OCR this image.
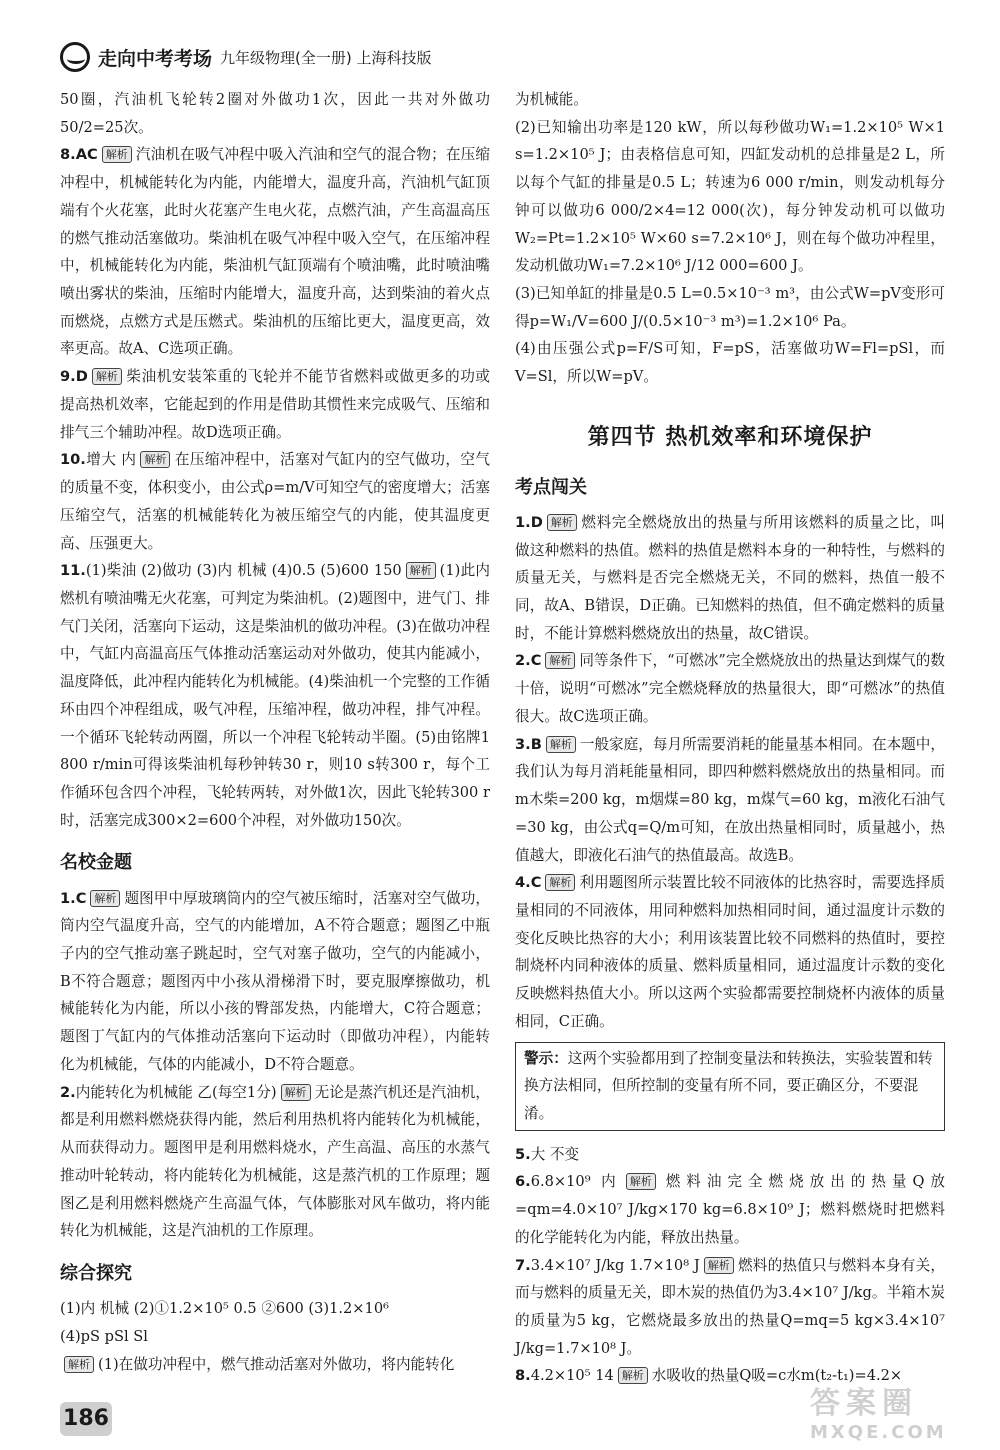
走向中考考场 九年级物理(全一册) 上海科技版

50圈，汽油机飞轮转2圈对外做功1次，因此一共对外做功50/2=25次。

8.AC 解析 汽油机在吸气冲程中吸入汽油和空气的混合物；在压缩冲程中，机械能转化为内能，内能增大，温度升高，汽油机气缸顶端有个火花塞，此时火花塞产生电火花，点燃汽油，产生高温高压的燃气推动活塞做功。柴油机在吸气冲程中吸入空气，在压缩冲程中，机械能转化为内能，柴油机气缸顶端有个喷油嘴，此时喷油嘴喷出雾状的柴油，压缩时内能增大，温度升高，达到柴油的着火点而燃烧，点燃方式是压燃式。柴油机的压缩比更大，温度更高，效率更高。故A、C选项正确。

9.D 解析 柴油机安装笨重的飞轮并不能节省燃料或做更多的功或提高热机效率，它能起到的作用是借助其惯性来完成吸气、压缩和排气三个辅助冲程。故D选项正确。

10.增大 内 解析 在压缩冲程中，活塞对气缸内的空气做功，空气的质量不变，体积变小，由公式ρ=m/V可知空气的密度增大；活塞压缩空气，活塞的机械能转化为被压缩空气的内能，使其温度更高、压强更大。

11.(1)柴油 (2)做功 (3)内 机械 (4)0.5 (5)600 150 解析 (1)此内燃机有喷油嘴无火花塞，可判定为柴油机。(2)题图中，进气门、排气门关闭，活塞向下运动，这是柴油机的做功冲程。(3)在做功冲程中，气缸内高温高压气体推动活塞运动对外做功，使其内能减小，温度降低，此冲程内能转化为机械能。(4)柴油机一个完整的工作循环由四个冲程组成，吸气冲程，压缩冲程，做功冲程，排气冲程。一个循环飞轮转动两圈，所以一个冲程飞轮转动半圈。(5)由铭牌1 800 r/min可得该柴油机每秒钟转30 r，则10 s转300 r，每个工作循环包含四个冲程，飞轮转两转，对外做1次，因此飞轮转300 r时，活塞完成300×2=600个冲程，对外做功150次。

名校金题

1.C 解析 题图甲中厚玻璃筒内的空气被压缩时，活塞对空气做功，筒内空气温度升高，空气的内能增加，A不符合题意；题图乙中瓶子内的空气推动塞子跳起时，空气对塞子做功，空气的内能减小，B不符合题意；题图丙中小孩从滑梯滑下时，要克服摩擦做功，机械能转化为内能，所以小孩的臀部发热，内能增大，C符合题意；题图丁气缸内的气体推动活塞向下运动时（即做功冲程），内能转化为机械能，气体的内能减小，D不符合题意。

2.内能转化为机械能 乙(每空1分) 解析 无论是蒸汽机还是汽油机，都是利用燃料燃烧获得内能，然后利用热机将内能转化为机械能，从而获得动力。题图甲是利用燃料烧水，产生高温、高压的水蒸气推动叶轮转动，将内能转化为机械能，这是蒸汽机的工作原理；题图乙是利用燃料燃烧产生高温气体，气体膨胀对风车做功，将内能转化为机械能，这是汽油机的工作原理。

综合探究

(1)内 机械 (2)①1.2×10⁵ 0.5 ②600 (3)1.2×10⁶

(4)pS pSl Sl

解析 (1)在做功冲程中，燃气推动活塞对外做功，将内能转化

为机械能。

(2)已知输出功率是120 kW，所以每秒做功W₁=1.2×10⁵ W×1 s=1.2×10⁵ J；由表格信息可知，四缸发动机的总排量是2 L，所以每个气缸的排量是0.5 L；转速为6 000 r/min，则发动机每分钟可以做功6 000/2×4=12 000(次)，每分钟发动机可以做功W₂=Pt=1.2×10⁵ W×60 s=7.2×10⁶ J，则在每个做功冲程里，发动机做功W₁=7.2×10⁶ J/12 000=600 J。

(3)已知单缸的排量是0.5 L=0.5×10⁻³ m³，由公式W=pV变形可得p=W₁/V=600 J/(0.5×10⁻³ m³)=1.2×10⁶ Pa。

(4)由压强公式p=F/S可知，F=pS，活塞做功W=Fl=pSl，而V=Sl，所以W=pV。

第四节 热机效率和环境保护
考点闯关

1.D 解析 燃料完全燃烧放出的热量与所用该燃料的质量之比，叫做这种燃料的热值。燃料的热值是燃料本身的一种特性，与燃料的质量无关，与燃料是否完全燃烧无关，不同的燃料，热值一般不同，故A、B错误，D正确。已知燃料的热值，但不确定燃料的质量时，不能计算燃料燃烧放出的热量，故C错误。

2.C 解析 同等条件下，“可燃冰”完全燃烧放出的热量达到煤气的数十倍，说明“可燃冰”完全燃烧释放的热量很大，即“可燃冰”的热值很大。故C选项正确。

3.B 解析 一般家庭，每月所需要消耗的能量基本相同。在本题中，我们认为每月消耗能量相同，即四种燃料燃烧放出的热量相同。而m木柴=200 kg，m烟煤=80 kg，m煤气=60 kg，m液化石油气=30 kg，由公式q=Q/m可知，在放出热量相同时，质量越小，热值越大，即液化石油气的热值最高。故选B。

4.C 解析 利用题图所示装置比较不同液体的比热容时，需要选择质量相同的不同液体，用同种燃料加热相同时间，通过温度计示数的变化反映比热容的大小；利用该装置比较不同燃料的热值时，要控制烧杯内同种液体的质量、燃料质量相同，通过温度计示数的变化反映燃料热值大小。所以这两个实验都需要控制烧杯内液体的质量相同，C正确。

警示：这两个实验都用到了控制变量法和转换法，实验装置和转换方法相同，但所控制的变量有所不同，要正确区分，不要混淆。

5.大 不变

6.6.8×10⁹ 内 解析 燃料油完全燃烧放出的热量Q放=qm=4.0×10⁷ J/kg×170 kg=6.8×10⁹ J；燃料燃烧时把燃料的化学能转化为内能，释放出热量。

7.3.4×10⁷ J/kg 1.7×10⁸ J 解析 燃料的热值只与燃料本身有关，而与燃料的质量无关，即木炭的热值仍为3.4×10⁷ J/kg。半箱木炭的质量为5 kg，它燃烧最多放出的热量Q=mq=5 kg×3.4×10⁷ J/kg=1.7×10⁸ J。

8.4.2×10⁵ 14 解析 水吸收的热量Q吸=c水m(t₂-t₁)=4.2×

186	答案圈
MXQE.COM
